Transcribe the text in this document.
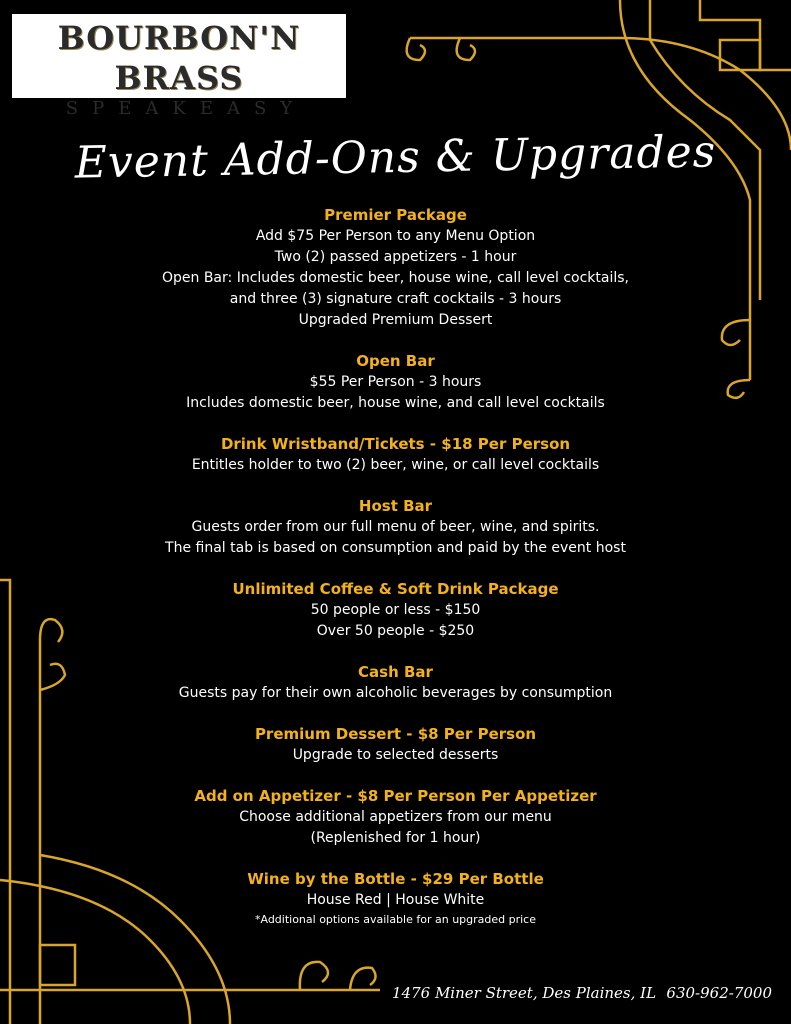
BOURBON'N BRASS
SPEAKEASY
Event Add-Ons & Upgrades
Premier Package
Add $75 Per Person to any Menu Option
Two (2) passed appetizers - 1 hour
Open Bar: Includes domestic beer, house wine, call level cocktails,
and three (3) signature craft cocktails - 3 hours
Upgraded Premium Dessert
Open Bar
$55 Per Person - 3 hours
Includes domestic beer, house wine, and call level cocktails
Drink Wristband/Tickets - $18 Per Person
Entitles holder to two (2) beer, wine, or call level cocktails
Host Bar
Guests order from our full menu of beer, wine, and spirits.
The final tab is based on consumption and paid by the event host
Unlimited Coffee & Soft Drink Package
50 people or less - $150
Over 50 people - $250
Cash Bar
Guests pay for their own alcoholic beverages by consumption
Premium Dessert - $8 Per Person
Upgrade to selected desserts
Add on Appetizer - $8 Per Person Per Appetizer
Choose additional appetizers from our menu
(Replenished for 1 hour)
Wine by the Bottle - $29 Per Bottle
House Red | House White
*Additional options available for an upgraded price
1476 Miner Street, Des Plaines, IL 630-962-7000
